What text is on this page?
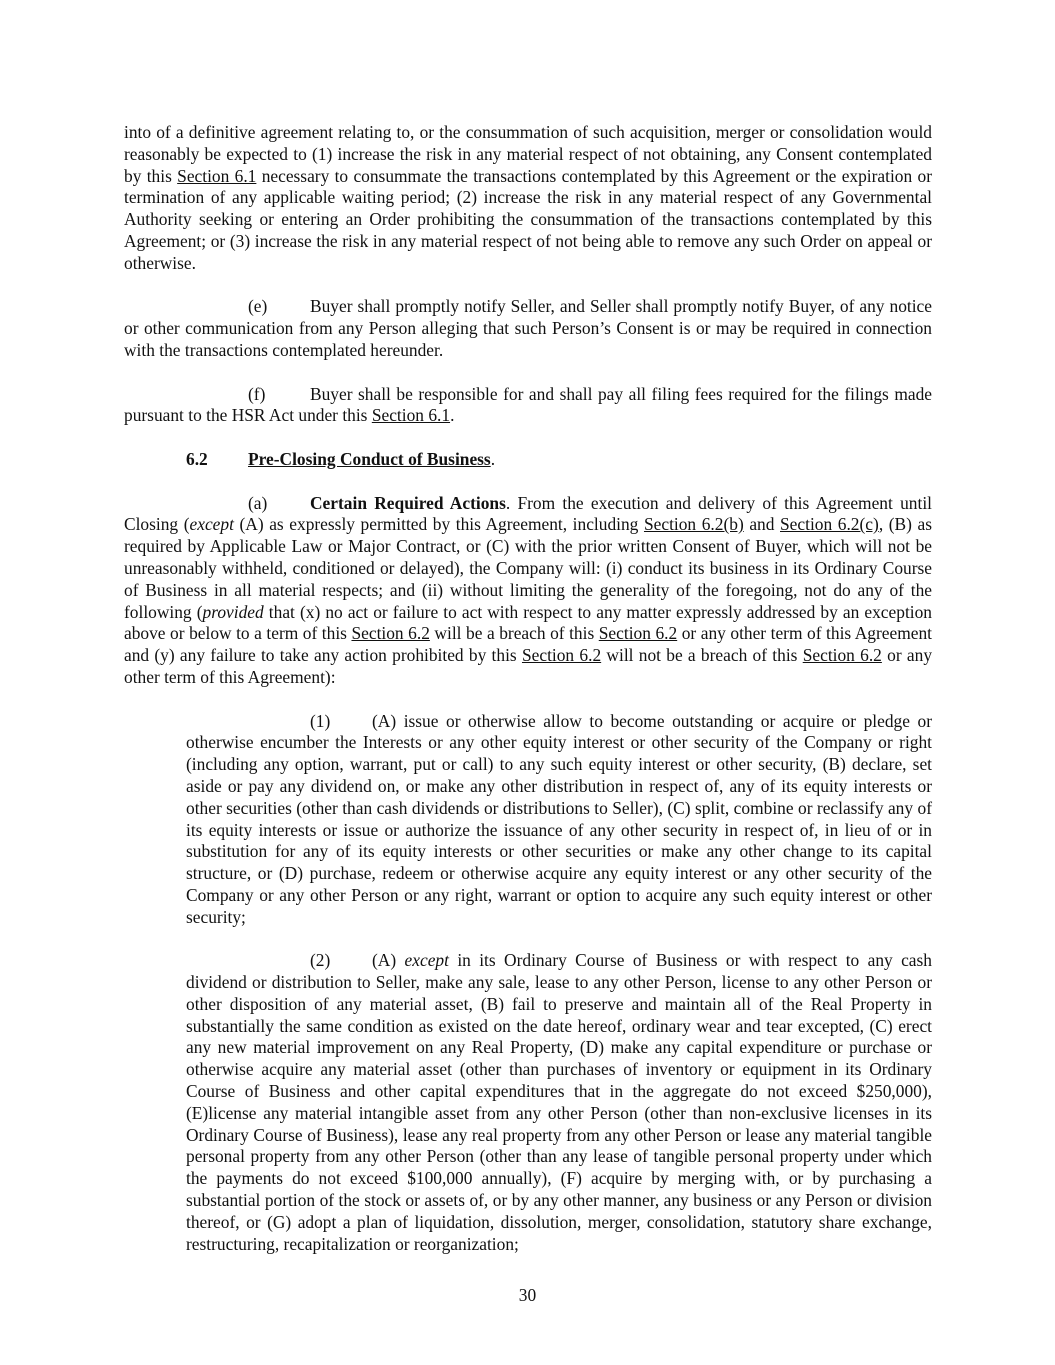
into of a definitive agreement relating to, or the consummation of such acquisition, merger or consolidation would reasonably be expected to (1) increase the risk in any material respect of not obtaining, any Consent contemplated by this Section 6.1 necessary to consummate the transactions contemplated by this Agreement or the expiration or termination of any applicable waiting period; (2) increase the risk in any material respect of any Governmental Authority seeking or entering an Order prohibiting the consummation of the transactions contemplated by this Agreement; or (3) increase the risk in any material respect of not being able to remove any such Order on appeal or otherwise.

(e) Buyer shall promptly notify Seller, and Seller shall promptly notify Buyer, of any notice or other communication from any Person alleging that such Person’s Consent is or may be required in connection with the transactions contemplated hereunder.

(f)	Buyer shall be responsible for and shall pay all filing fees required for the filings made pursuant to the HSR Act under this Section 6.1.

6.2 Pre-Closing Conduct of Business.

(a) Certain Required Actions. From the execution and delivery of this Agreement until Closing (except (A) as expressly permitted by this Agreement, including Section 6.2(b) and Section 6.2(c), (B) as required by Applicable Law or Major Contract, or (C) with the prior written Consent of Buyer, which will not be unreasonably withheld, conditioned or delayed), the Company will: (i) conduct its business in its Ordinary Course of Business in all material respects; and (ii) without limiting the generality of the foregoing, not do any of the following (provided that (x) no act or failure to act with respect to any matter expressly addressed by an exception above or below to a term of this Section 6.2 will be a breach of this Section 6.2 or any other term of this Agreement and (y) any failure to take any action prohibited by this Section 6.2 will not be a breach of this Section 6.2 or any other term of this Agreement):

(1) (A) issue or otherwise allow to become outstanding or acquire or pledge or otherwise encumber the Interests or any other equity interest or other security of the Company or right (including any option, warrant, put or call) to any such equity interest or other security, (B) declare, set aside or pay any dividend on, or make any other distribution in respect of, any of its equity interests or other securities (other than cash dividends or distributions to Seller), (C) split, combine or reclassify any of its equity interests or issue or authorize the issuance of any other security in respect of, in lieu of or in substitution for any of its equity interests or other securities or make any other change to its capital structure, or (D) purchase, redeem or otherwise acquire any equity interest or any other security of the Company or any other Person or any right, warrant or option to acquire any such equity interest or other security;

(2) (A) except in its Ordinary Course of Business or with respect to any cash dividend or distribution to Seller, make any sale, lease to any other Person, license to any other Person or other disposition of any material asset, (B) fail to preserve and maintain all of the Real Property in substantially the same condition as existed on the date hereof, ordinary wear and tear excepted, (C) erect any new material improvement on any Real Property, (D) make any capital expenditure or purchase or otherwise acquire any material asset (other than purchases of inventory or equipment in its Ordinary Course of Business and other capital expenditures that in the aggregate do not exceed $250,000), (E)license any material intangible asset from any other Person (other than non-exclusive licenses in its Ordinary Course of Business), lease any real property from any other Person or lease any material tangible personal property from any other Person (other than any lease of tangible personal property under which the payments do not exceed $100,000 annually), (F) acquire by merging with, or by purchasing a substantial portion of the stock or assets of, or by any other manner, any business or any Person or division thereof, or (G) adopt a plan of liquidation, dissolution, merger, consolidation, statutory share exchange, restructuring, recapitalization or reorganization;

30
